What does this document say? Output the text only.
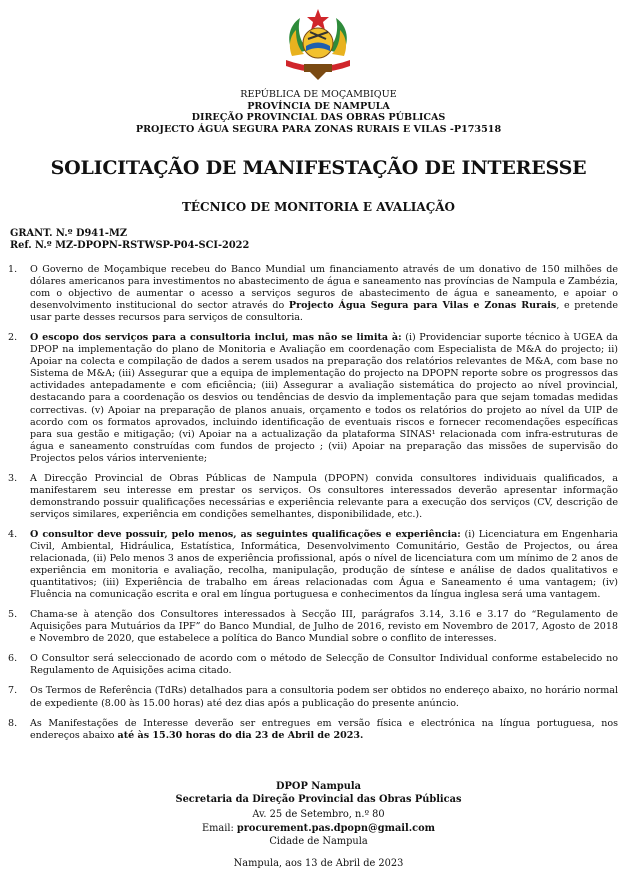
REPÚBLICA DE MOÇAMBIQUE
PROVÍNCIA DE NAMPULA
DIREÇÃO PROVINCIAL DAS OBRAS PÚBLICAS
PROJECTO ÁGUA SEGURA PARA ZONAS RURAIS E VILAS -P173518
SOLICITAÇÃO DE MANIFESTAÇÃO DE INTERESSE
TÉCNICO DE MONITORIA E AVALIAÇÃO
GRANT. N.º D941-MZ
Ref. N.º MZ-DPOPN-RSTWSP-P04-SCI-2022
1. O Governo de Moçambique recebeu do Banco Mundial um financiamento através de um donativo de 150 milhões de dólares americanos para investimentos no abastecimento de água e saneamento nas províncias de Nampula e Zambézia, com o objectivo de aumentar o acesso a serviços seguros de abastecimento de água e saneamento, e apoiar o desenvolvimento institucional do sector através do Projecto Água Segura para Vilas e Zonas Rurais, e pretende usar parte desses recursos para serviços de consultoria.
2. O escopo dos serviços para a consultoria inclui, mas não se limita à: (i) Providenciar suporte técnico à UGEA da DPOP na implementação do plano de Monitoria e Avaliação em coordenação com Especialista de M&A do projecto; ii) Apoiar na colecta e compilação de dados a serem usados na preparação dos relatórios relevantes de M&A, com base no Sistema de M&A; (iii) Assegurar que a equipa de implementação do projecto na DPOPN reporte sobre os progressos das actividades antepadamente e com eficiência; (iii) Assegurar a avaliação sistemática do projecto ao nível provincial, destacando para a coordenação os desvios ou tendências de desvio da implementação para que sejam tomadas medidas correctivas. (v) Apoiar na preparação de planos anuais, orçamento e todos os relatórios do projeto ao nível da UIP de acordo com os formatos aprovados, incluindo identificação de eventuais riscos e fornecer recomendações específicas para sua gestão e mitigação; (vi) Apoiar na a actualização da plataforma SINAS¹ relacionada com infra-estruturas de água e saneamento construídas com fundos de projecto ; (vii) Apoiar na preparação das missões de supervisão do Projectos pelos vários interveniente;
3. A Direcção Provincial de Obras Públicas de Nampula (DPOPN) convida consultores individuais qualificados, a manifestarem seu interesse em prestar os serviços. Os consultores interessados deverão apresentar informação demonstrando possuir qualificações necessárias e experiência relevante para a execução dos serviços (CV, descrição de serviços similares, experiência em condições semelhantes, disponibilidade, etc.).
4. O consultor deve possuir, pelo menos, as seguintes qualificações e experiência: (i) Licenciatura em Engenharia Civil, Ambiental, Hidráulica, Estatística, Informática, Desenvolvimento Comunitário, Gestão de Projectos, ou área relacionada, (ii) Pelo menos 3 anos de experiência profissional, após o nível de licenciatura com um mínimo de 2 anos de experiência em monitoria e avaliação, recolha, manipulação, produção de síntese e análise de dados qualitativos e quantitativos; (iii) Experiência de trabalho em áreas relacionadas com Água e Saneamento é uma vantagem; (iv) Fluência na comunicação escrita e oral em língua portuguesa e conhecimentos da língua inglesa será uma vantagem.
5. Chama-se à atenção dos Consultores interessados à Secção III, parágrafos 3.14, 3.16 e 3.17 do “Regulamento de Aquisições para Mutuários da IPF” do Banco Mundial, de Julho de 2016, revisto em Novembro de 2017, Agosto de 2018 e Novembro de 2020, que estabelece a política do Banco Mundial sobre o conflito de interesses.
6. O Consultor será seleccionado de acordo com o método de Selecção de Consultor Individual conforme estabelecido no Regulamento de Aquisições acima citado.
7. Os Termos de Referência (TdRs) detalhados para a consultoria podem ser obtidos no endereço abaixo, no horário normal de expediente (8.00 às 15.00 horas) até dez dias após a publicação do presente anúncio.
8. As Manifestações de Interesse deverão ser entregues em versão física e electrónica na língua portuguesa, nos endereços abaixo até às 15.30 horas do dia 23 de Abril de 2023.
DPOP Nampula
Secretaria da Direção Provincial das Obras Públicas
Av. 25 de Setembro, n.º 80
Email: procurement.pas.dpopn@gmail.com
Cidade de Nampula
Nampula, aos 13 de Abril de 2023
